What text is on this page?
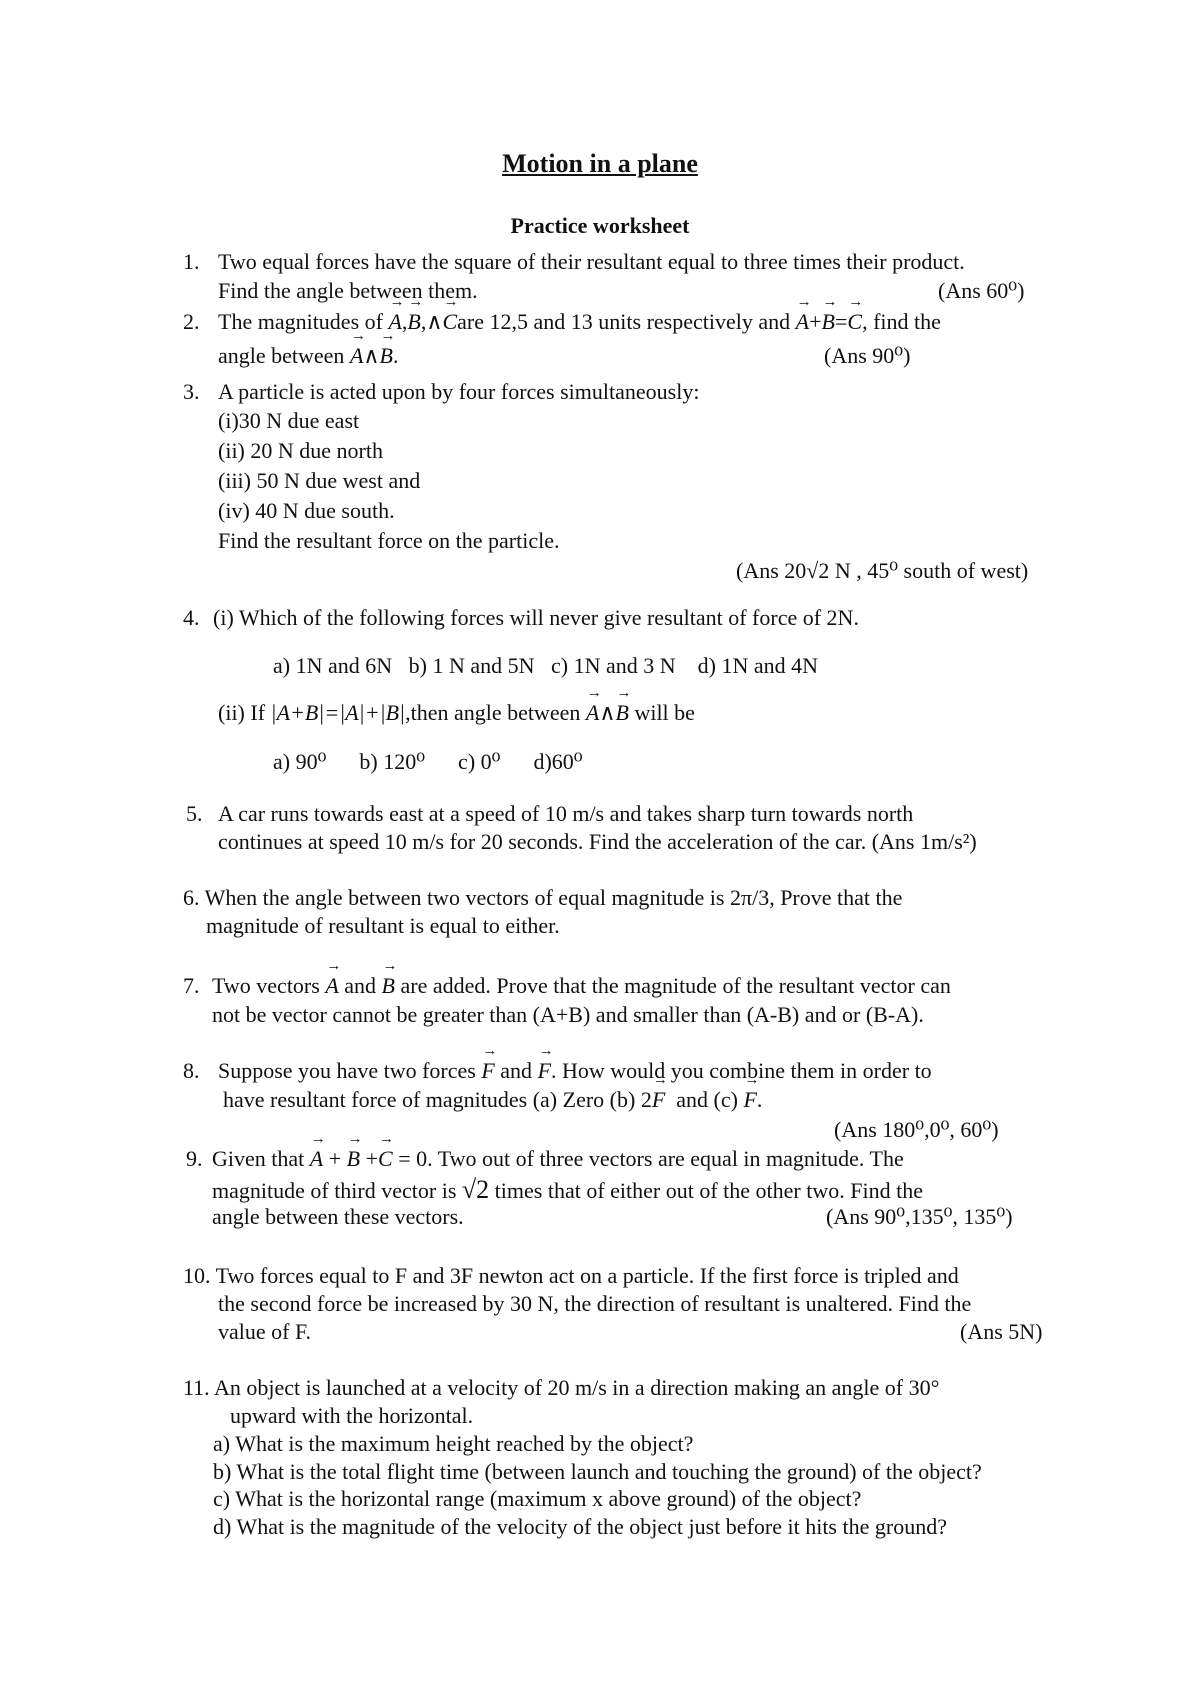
Motion in a plane
Practice worksheet
1. Two equal forces have the square of their resultant equal to three times their product.
Find the angle between them.	(Ans 60⁰)
2. The magnitudes of → A,→ B,∧→ Care 12,5 and 13 units respectively and → A+→ B=→ C, find the
angle between → A∧→ B.	(Ans 90⁰)
3. A particle is acted upon by four forces simultaneously:
(i)30 N due east
(ii) 20 N due north
(iii) 50 N due west and
(iv) 40 N due south.
Find the resultant force on the particle.
(Ans 20√2 N , 45⁰ south of west)
4. (i) Which of the following forces will never give resultant of force of 2N.
a) 1N and 6N   b) 1 N and 5N   c) 1N and 3 N    d) 1N and 4N
(ii) If |A+B|=|A|+|B|,then angle between → A∧→ B will be
a) 90⁰      b) 120⁰      c) 0⁰      d)60⁰
5. A car runs towards east at a speed of 10 m/s and takes sharp turn towards north
continues at speed 10 m/s for 20 seconds. Find the acceleration of the car. (Ans 1m/s²)
6. When the angle between two vectors of equal magnitude is 2π/3, Prove that the
magnitude of resultant is equal to either.
7. Two vectors → A and → B are added. Prove that the magnitude of the resultant vector can
not be vector cannot be greater than (A+B) and smaller than (A-B) and or (B-A).
8. Suppose you have two forces → F and → F. How would you combine them in order to
have resultant force of magnitudes (a) Zero (b) 2→ F  and (c) → F.
(Ans 180⁰,0⁰, 60⁰)
9. Given that → A + → B +→ C = 0. Two out of three vectors are equal in magnitude. The
magnitude of third vector is √2 times that of either out of the other two. Find the
angle between these vectors.	(Ans 90⁰,135⁰, 135⁰)
10. Two forces equal to F and 3F newton act on a particle. If the first force is tripled and
the second force be increased by 30 N, the direction of resultant is unaltered. Find the
value of F.	(Ans 5N)
11. An object is launched at a velocity of 20 m/s in a direction making an angle of 30°
upward with the horizontal.
a) What is the maximum height reached by the object?
b) What is the total flight time (between launch and touching the ground) of the object?
c) What is the horizontal range (maximum x above ground) of the object?
d) What is the magnitude of the velocity of the object just before it hits the ground?
